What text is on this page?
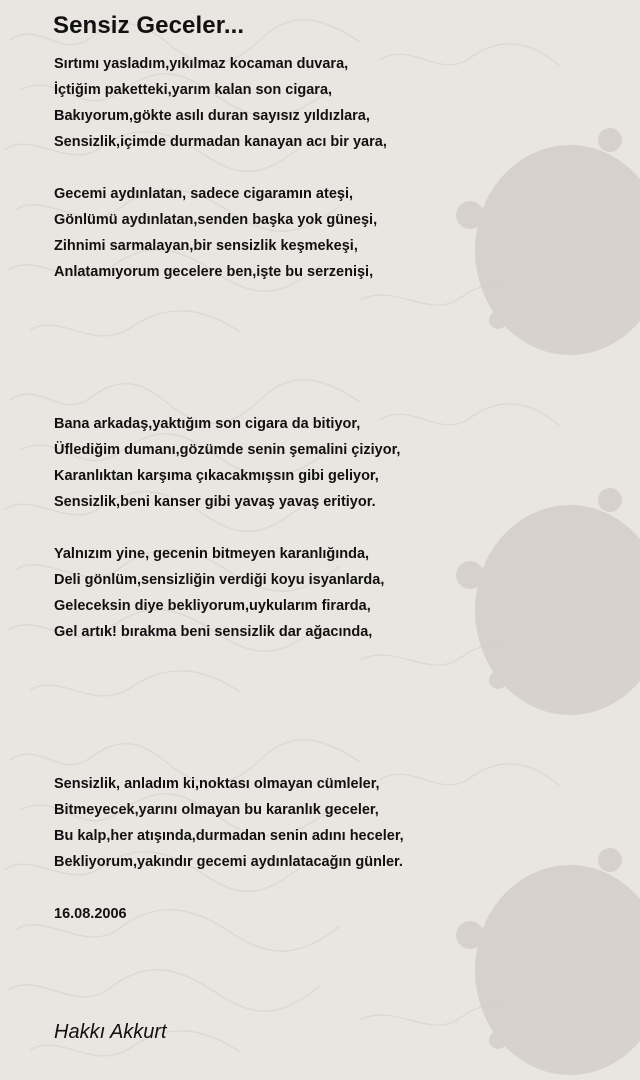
Sensiz Geceler...
Sırtımı yasladım,yıkılmaz kocaman duvara,
İçtiğim paketteki,yarım kalan son cigara,
Bakıyorum,gökte asılı duran sayısız yıldızlara,
Sensizlik,içimde durmadan kanayan acı bir yara,
Gecemi aydınlatan, sadece cigaramın ateşi,
Gönlümü aydınlatan,senden başka yok güneşi,
Zihnimi sarmalayan,bir sensizlik keşmekeşi,
Anlatamıyorum gecelere ben,işte bu serzenişi,
Bana arkadaş,yaktığım son cigara da bitiyor,
Üflediğim dumanı,gözümde senin şemalini çiziyor,
Karanlıktan karşıma çıkacakmışsın gibi geliyor,
Sensizlik,beni kanser gibi yavaş yavaş eritiyor.
Yalnızım yine, gecenin bitmeyen karanlığında,
Deli gönlüm,sensizliğin verdiği koyu isyanlarda,
Geleceksin diye bekliyorum,uykularım firarda,
Gel artık! bırakma beni sensizlik dar ağacında,
Sensizlik, anladım ki,noktası olmayan cümleler,
Bitmeyecek,yarını olmayan bu karanlık geceler,
Bu kalp,her atışında,durmadan senin adını heceler,
Bekliyorum,yakındır gecemi aydınlatacağın günler.
16.08.2006
Hakkı Akkurt
